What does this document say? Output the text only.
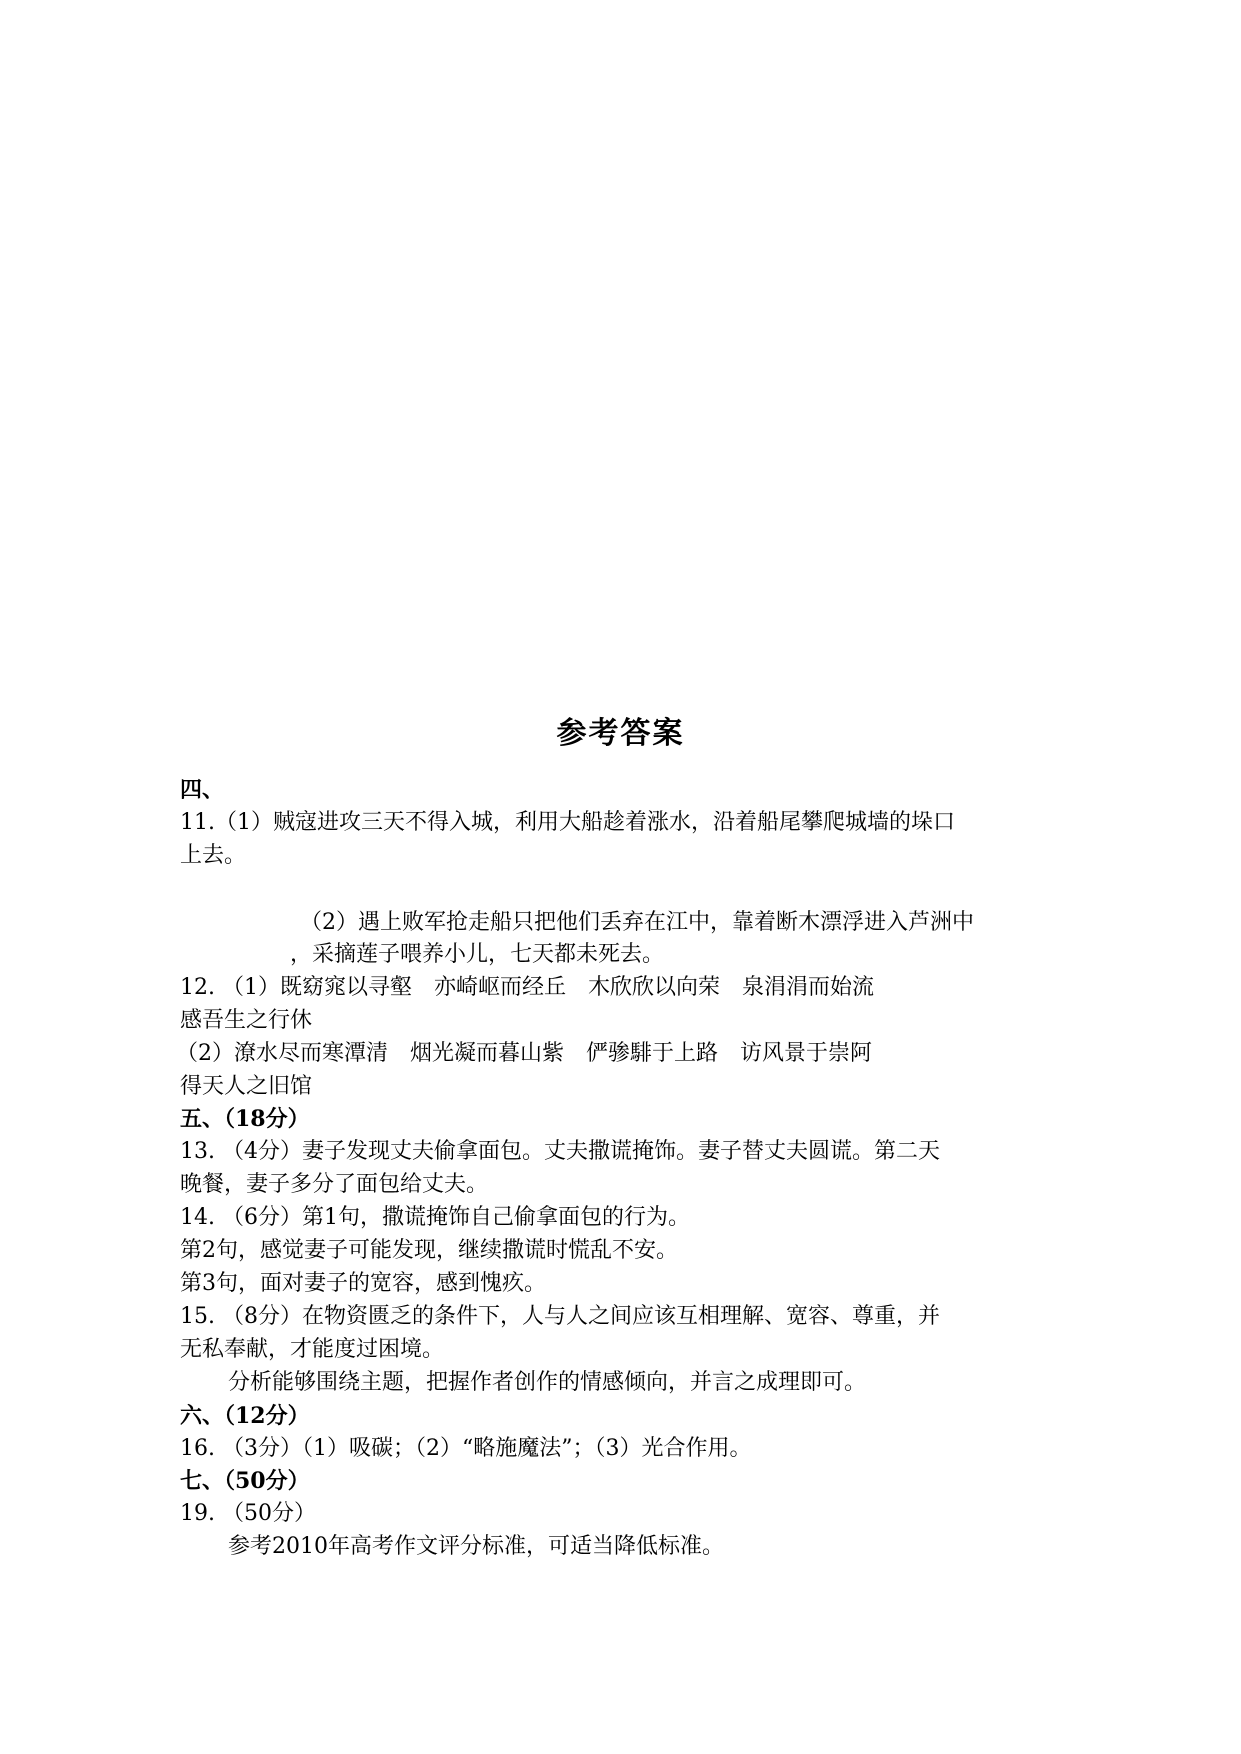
参考答案
四、
11.（1）贼寇进攻三天不得入城，利用大船趁着涨水，沿着船尾攀爬城墙的垛口
上去。
（2）遇上败军抢走船只把他们丢弃在江中，靠着断木漂浮进入芦洲中
，采摘莲子喂养小儿，七天都未死去。
12. （1）既窈窕以寻壑　亦崎岖而经丘　木欣欣以向荣　泉涓涓而始流
感吾生之行休
（2）潦水尽而寒潭清　烟光凝而暮山紫　俨骖騑于上路　访风景于崇阿
得天人之旧馆
五、（18分）
13. （4分）妻子发现丈夫偷拿面包。丈夫撒谎掩饰。妻子替丈夫圆谎。第二天
晚餐，妻子多分了面包给丈夫。
14. （6分）第1句，撒谎掩饰自己偷拿面包的行为。
第2句，感觉妻子可能发现，继续撒谎时慌乱不安。
第3句，面对妻子的宽容，感到愧疚。
15. （8分）在物资匮乏的条件下，人与人之间应该互相理解、宽容、尊重，并
无私奉献，才能度过困境。
分析能够围绕主题，把握作者创作的情感倾向，并言之成理即可。
六、（12分）
16. （3分）（1）吸碳；（2）“略施魔法”；（3）光合作用。
七、（50分）
19. （50分）
参考2010年高考作文评分标准，可适当降低标准。
